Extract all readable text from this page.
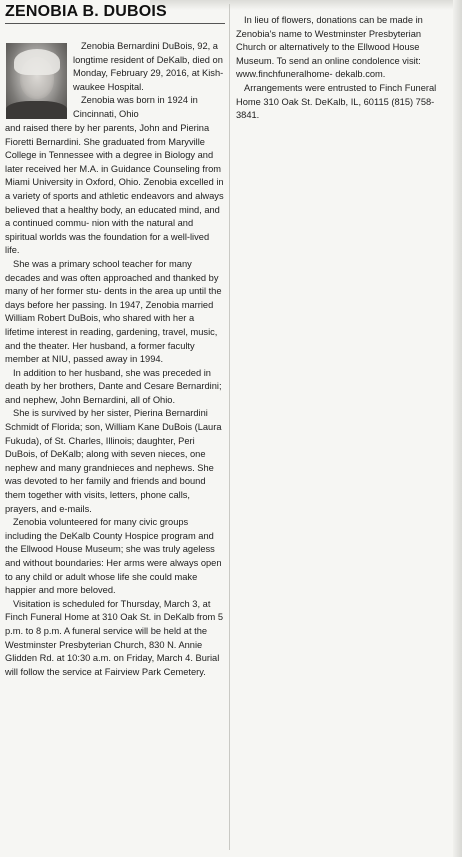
ZENOBIA B. DUBOIS

Zenobia Bernardini DuBois, 92, a longtime resident of DeKalb, died on Monday, February 29, 2016, at Kish- waukee Hospital.

Zenobia was born in 1924 in Cincinnati, Ohio

and raised there by her parents, John and Pierina Fioretti Bernardini. She graduated from Maryville College in Tennessee with a degree in Biology and later received her M.A. in Guidance Counseling from Miami University in Oxford, Ohio. Zenobia excelled in a variety of sports and athletic endeavors and always believed that a healthy body, an educated mind, and a continued commu- nion with the natural and spiritual worlds was the foundation for a well-lived life.

She was a primary school teacher for many decades and was often approached and thanked by many of her former stu- dents in the area up until the days before her passing. In 1947, Zenobia married William Robert DuBois, who shared with her a lifetime interest in reading, gardening, travel, music, and the theater. Her husband, a former faculty member at NIU, passed away in 1994.

In addition to her husband, she was preceded in death by her brothers, Dante and Cesare Bernardini; and nephew, John Bernardini, all of Ohio.

She is survived by her sister, Pierina Bernardini Schmidt of Florida; son, William Kane DuBois (Laura Fukuda), of St. Charles, Illinois; daughter, Peri DuBois, of DeKalb; along with seven nieces, one nephew and many grandnieces and nephews. She was devoted to her family and friends and bound them together with visits, letters, phone calls, prayers, and e-mails.

Zenobia volunteered for many civic groups including the DeKalb County Hospice program and the Ellwood House Museum; she was truly ageless and without boundaries: Her arms were always open to any child or adult whose life she could make happier and more beloved.

Visitation is scheduled for Thursday, March 3, at Finch Funeral Home at 310 Oak St. in DeKalb from 5 p.m. to 8 p.m. A funeral service will be held at the Westminster Presbyterian Church, 830 N. Annie Glidden Rd. at 10:30 a.m. on Friday, March 4. Burial will follow the service at Fairview Park Cemetery.

In lieu of flowers, donations can be made in Zenobia's name to Westminster Presbyterian Church or alternatively to the Ellwood House Museum. To send an online condolence visit: www.finchfuneralhome- dekalb.com.

Arrangements were entrusted to Finch Funeral Home 310 Oak St. DeKalb, IL, 60115 (815) 758-3841.
